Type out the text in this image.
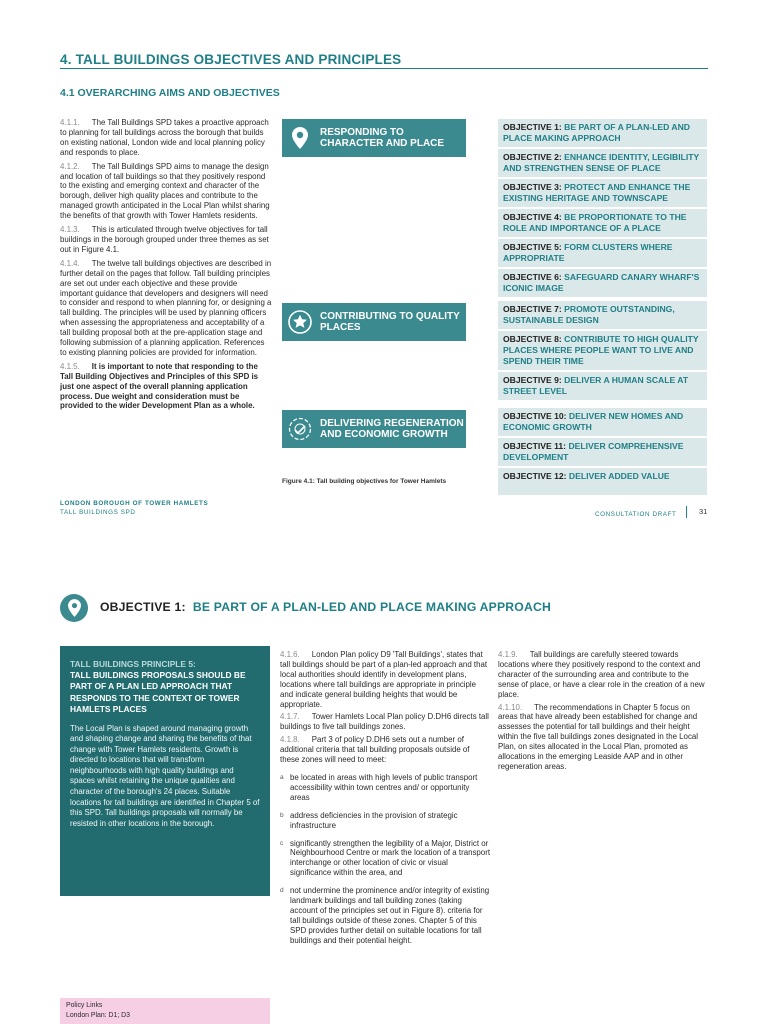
4. TALL BUILDINGS OBJECTIVES AND PRINCIPLES
4.1 OVERARCHING AIMS AND OBJECTIVES

4.1.1. The Tall Buildings SPD takes a proactive approach to planning for tall buildings across the borough that builds on existing national, London wide and local planning policy and responds to place.

4.1.2. The Tall Buildings SPD aims to manage the design and location of tall buildings so that they positively respond to the existing and emerging context and character of the borough, deliver high quality places and contribute to the managed growth anticipated in the Local Plan whilst sharing the benefits of that growth with Tower Hamlets residents.

4.1.3. This is articulated through twelve objectives for tall buildings in the borough grouped under three themes as set out in Figure 4.1.

4.1.4. The twelve tall buildings objectives are described in further detail on the pages that follow. Tall building principles are set out under each objective and these provide important guidance that developers and designers will need to consider and respond to when planning for, or designing a tall building. The principles will be used by planning officers when assessing the appropriateness and acceptability of a tall building proposal both at the pre-application stage and following submission of a planning application. References to existing planning policies are provided for information.

4.1.5. It is important to note that responding to the Tall Building Objectives and Principles of this SPD is just one aspect of the overall planning application process. Due weight and consideration must be provided to the wider Development Plan as a whole.

RESPONDING TO CHARACTER AND PLACE
CONTRIBUTING TO QUALITY PLACES
DELIVERING REGENERATION AND ECONOMIC GROWTH
OBJECTIVE 1: BE PART OF A PLAN-LED AND PLACE MAKING APPROACH
OBJECTIVE 2: ENHANCE IDENTITY, LEGIBILITY AND STRENGTHEN SENSE OF PLACE
OBJECTIVE 3: PROTECT AND ENHANCE THE EXISTING HERITAGE AND TOWNSCAPE
OBJECTIVE 4: BE PROPORTIONATE TO THE ROLE AND IMPORTANCE OF A PLACE
OBJECTIVE 5: FORM CLUSTERS WHERE APPROPRIATE
OBJECTIVE 6: SAFEGUARD CANARY WHARF'S ICONIC IMAGE
OBJECTIVE 7: PROMOTE OUTSTANDING, SUSTAINABLE DESIGN
OBJECTIVE 8: CONTRIBUTE TO HIGH QUALITY PLACES WHERE PEOPLE WANT TO LIVE AND SPEND THEIR TIME
OBJECTIVE 9: DELIVER A HUMAN SCALE AT STREET LEVEL
OBJECTIVE 10: DELIVER NEW HOMES AND ECONOMIC GROWTH
OBJECTIVE 11: DELIVER COMPREHENSIVE DEVELOPMENT
OBJECTIVE 12: DELIVER ADDED VALUE
Figure 4.1: Tall building objectives for Tower Hamlets
LONDON BOROUGH OF TOWER HAMLETS
TALL BUILDINGS SPD	CONSULTATION DRAFT	31
OBJECTIVE 1: BE PART OF A PLAN-LED AND PLACE MAKING APPROACH
TALL BUILDINGS PRINCIPLE 5:
TALL BUILDINGS PROPOSALS SHOULD BE PART OF A PLAN LED APPROACH THAT RESPONDS TO THE CONTEXT OF TOWER HAMLETS PLACES
The Local Plan is shaped around managing growth and shaping change and sharing the benefits of that change with Tower Hamlets residents. Growth is directed to locations that will transform neighbourhoods with high quality buildings and spaces whilst retaining the unique qualities and character of the borough's 24 places. Suitable locations for tall buildings are identified in Chapter 5 of this SPD. Tall buildings proposals will normally be resisted in other locations in the borough.

4.1.6. London Plan policy D9 'Tall Buildings', states that tall buildings should be part of a plan-led approach and that local authorities should identify in development plans, locations where tall buildings are appropriate in principle and indicate general building heights that would be appropriate.

4.1.7. Tower Hamlets Local Plan policy D.DH6 directs tall buildings to five tall buildings zones.

4.1.8. Part 3 of policy D.DH6 sets out a number of additional criteria that tall building proposals outside of these zones will need to meet:

a be located in areas with high levels of public transport accessibility within town centres and/ or opportunity areas
b address deficiencies in the provision of strategic infrastructure
c significantly strengthen the legibility of a Major, District or Neighbourhood Centre or mark the location of a transport interchange or other location of civic or visual significance within the area, and
d not undermine the prominence and/or integrity of existing landmark buildings and tall building zones (taking account of the principles set out in Figure 8). criteria for tall buildings outside of these zones. Chapter 5 of this SPD provides further detail on suitable locations for tall buildings and their potential height.

4.1.9. Tall buildings are carefully steered towards locations where they positively respond to the context and character of the surrounding area and contribute to the sense of place, or have a clear role in the creation of a new place.

4.1.10. The recommendations in Chapter 5 focus on areas that have already been established for change and assesses the potential for tall buildings and their height within the five tall buildings zones designated in the Local Plan, on sites allocated in the Local Plan, promoted as allocations in the emerging Leaside AAP and in other regeneration areas.

Policy Links
London Plan: D1; D3
